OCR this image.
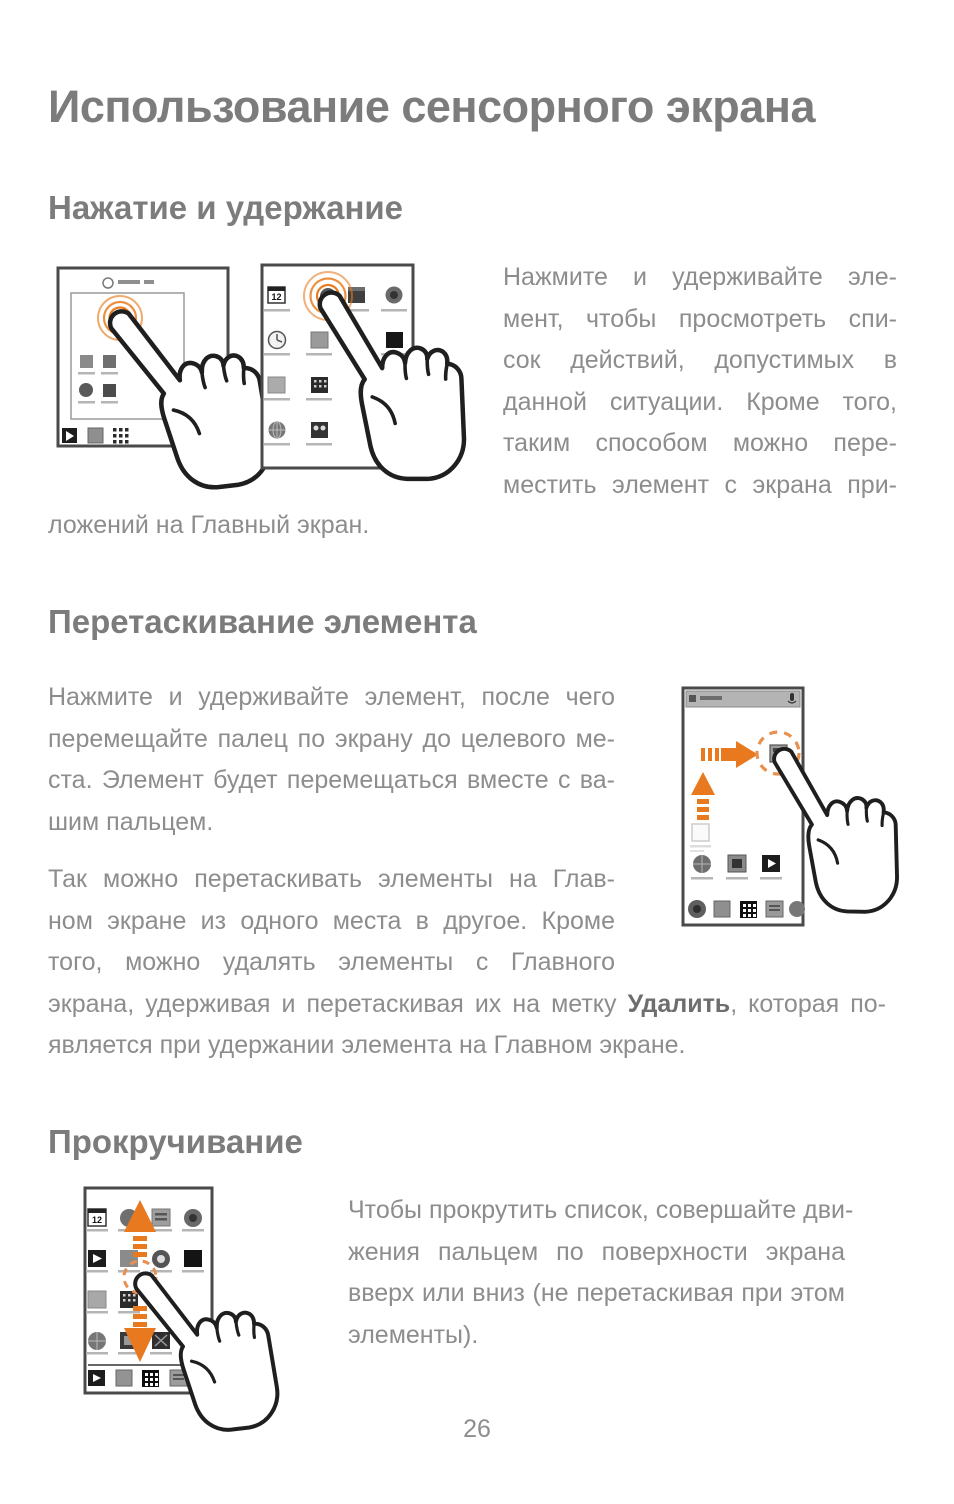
Использование сенсорного экрана
Нажатие и удержание
12
Нажмите и удерживайте эле-
мент, чтобы просмотреть спи-
сок действий, допустимых в
данной ситуации. Кроме того,
таким способом можно пере-
местить элемент с экрана при-
ложений на Главный экран.
Перетаскивание элемента
Нажмите и удерживайте элемент, после чего
перемещайте палец по экрану до целевого ме-
ста. Элемент будет перемещаться вместе с ва-
шим пальцем.
Так можно перетаскивать элементы на Глав-
ном экране из одного места в другое. Кроме
того, можно удалять элементы с Главного
экрана, удерживая и перетаскивая их на метку Удалить, которая по-
является при удержании элемента на Главном экране.
Прокручивание
12	Чтобы прокрутить список, совершайте дви-
жения пальцем по поверхности экрана
вверх или вниз (не перетаскивая при этом
элементы).
26
